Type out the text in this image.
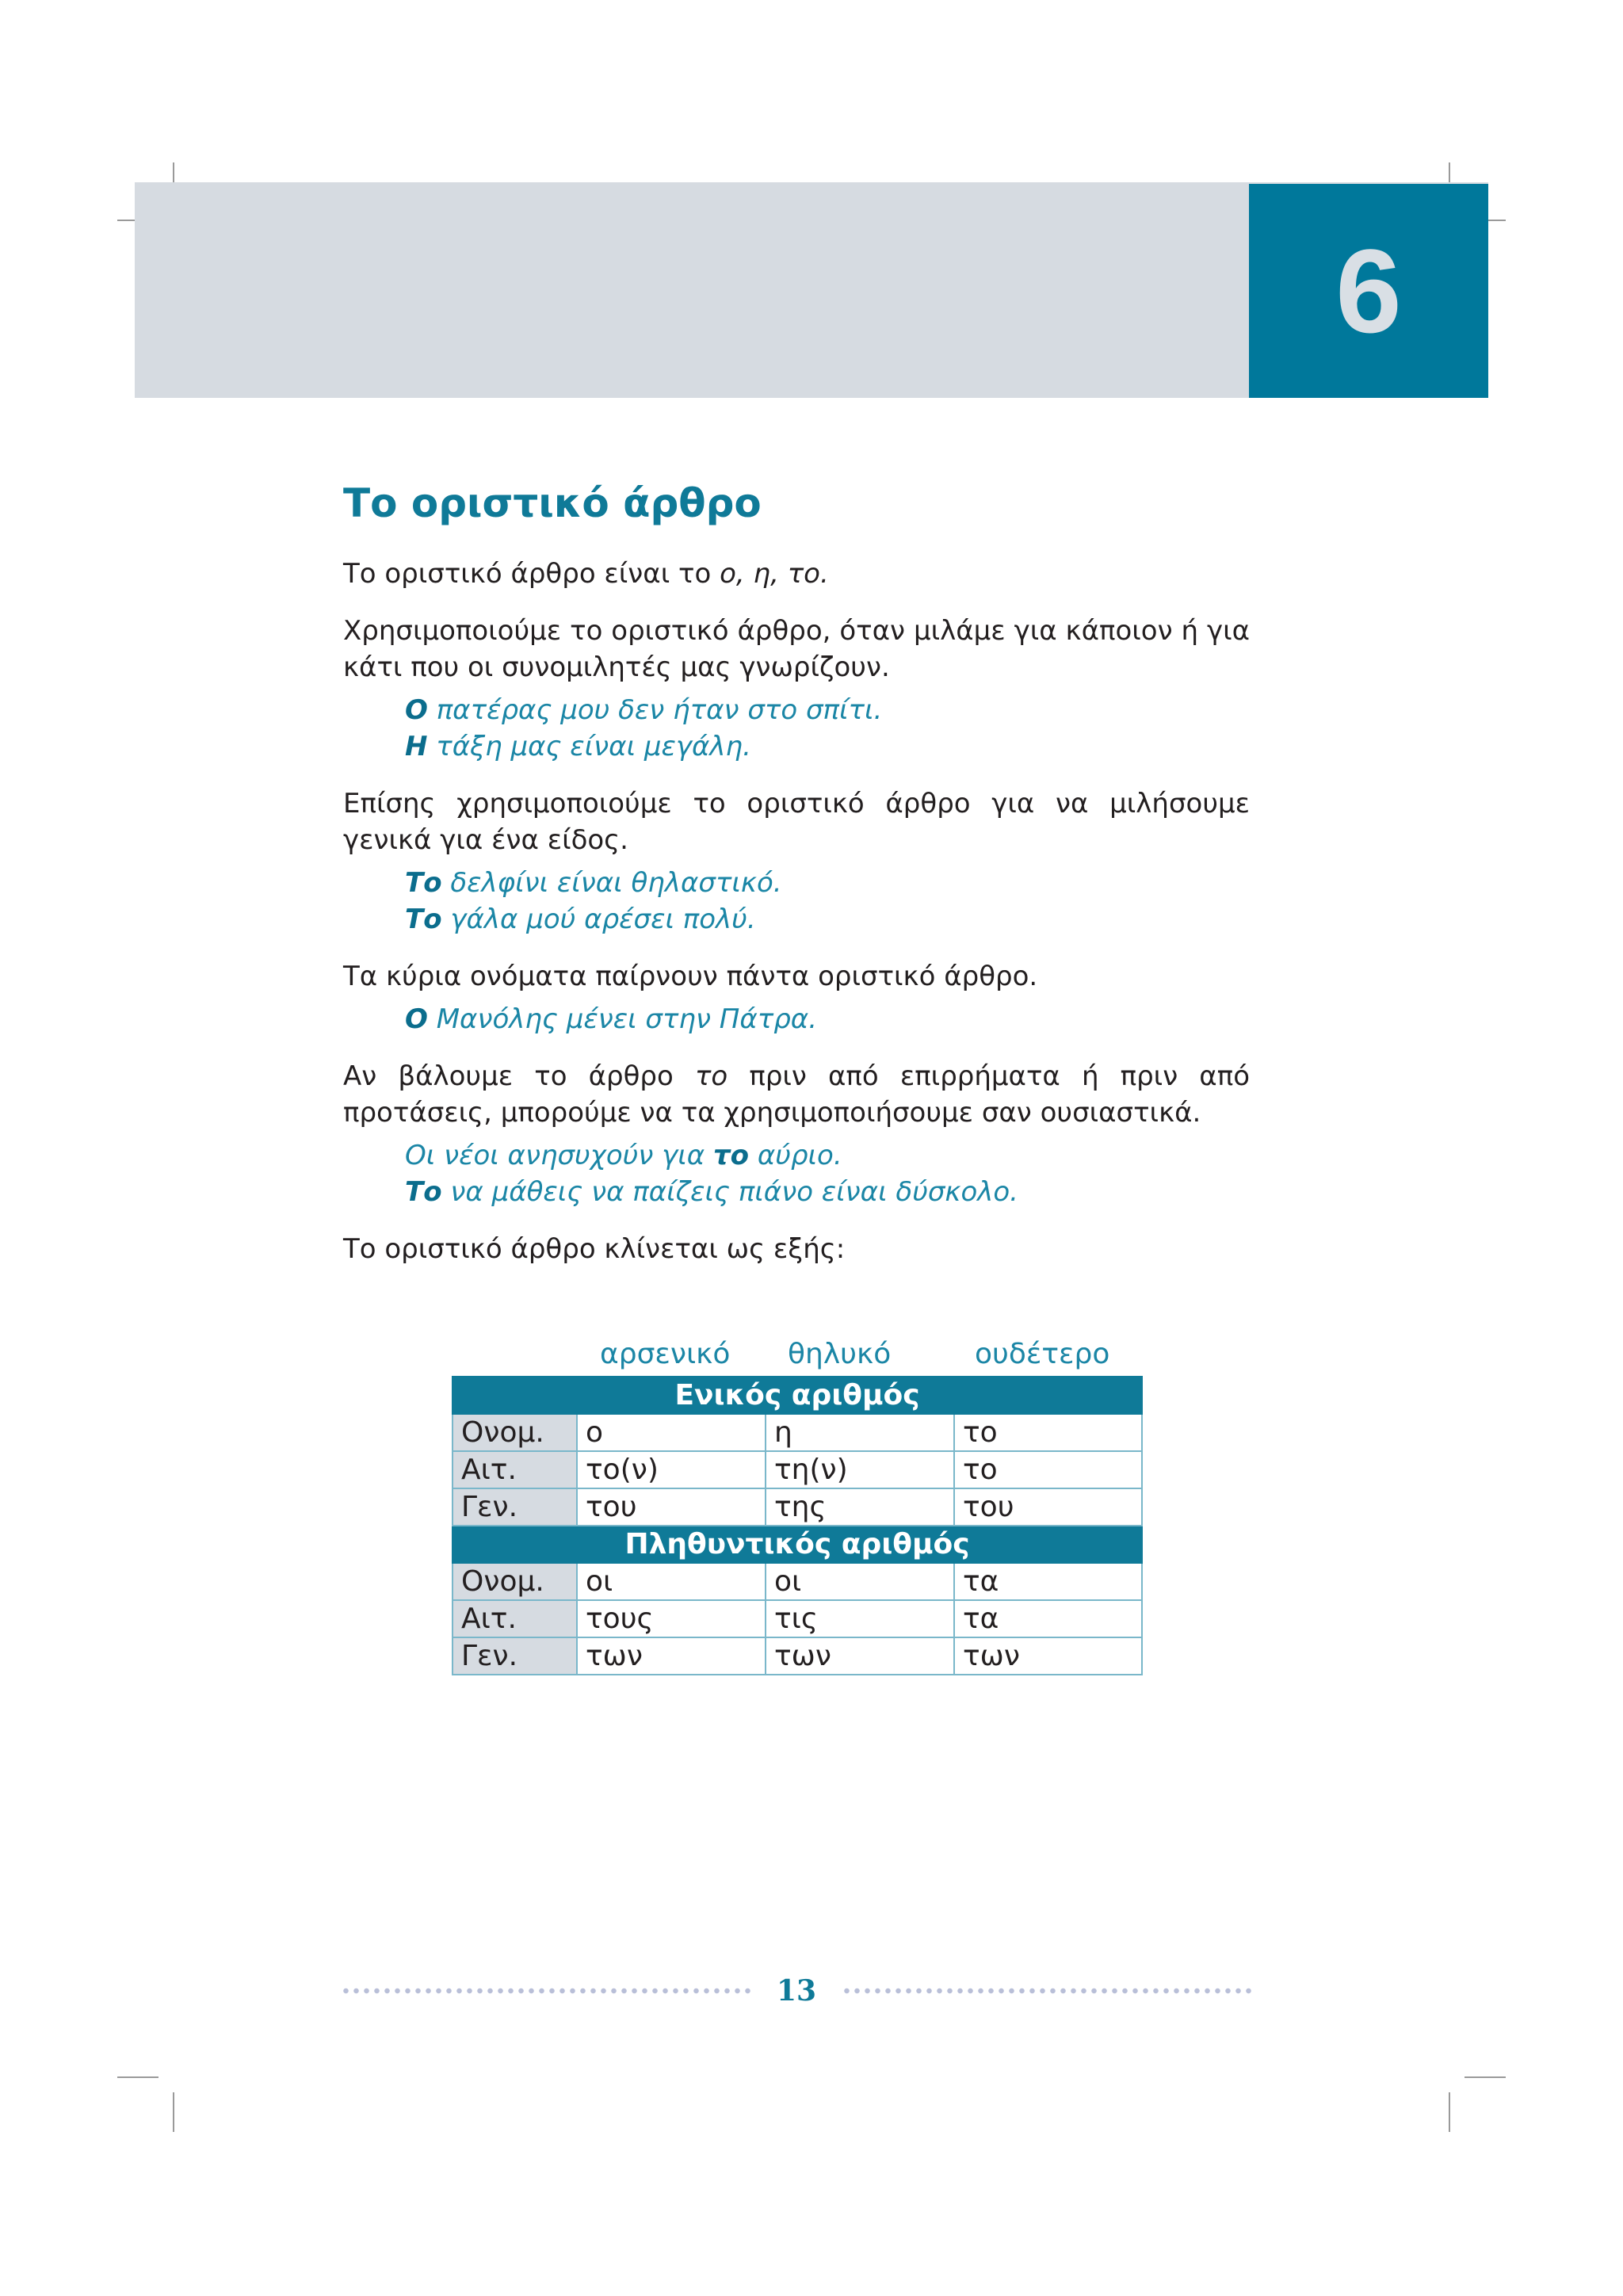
6
Το οριστικό άρθρο

Το οριστικό άρθρο είναι το ο, η, το.

Χρησιμοποιούμε το οριστικό άρθρο, όταν μιλάμε για κάποιον ή για κάτι που οι συνομιλητές μας γνωρίζουν.

Ο πατέρας μου δεν ήταν στο σπίτι.

Η τάξη μας είναι μεγάλη.

Επίσης χρησιμοποιούμε το οριστικό άρθρο για να μιλήσουμε γενικά για ένα είδος.

Το δελφίνι είναι θηλαστικό.

Το γάλα μού αρέσει πολύ.

Τα κύρια ονόματα παίρνουν πάντα οριστικό άρθρο.

Ο Μανόλης μένει στην Πάτρα.

Αν βάλουμε το άρθρο το πριν από επιρρήματα ή πριν από προτάσεις, μπορούμε να τα χρησιμοποιήσουμε σαν ουσιαστικά.

Οι νέοι ανησυχούν για το αύριο.

Το να μάθεις να παίζεις πιάνο είναι δύσκολο.

Το οριστικό άρθρο κλίνεται ως εξής:

αρσενικό	θηλυκό	ουδέτερο
Ενικός αριθμός			
Ονομ.	ο	η	το
Αιτ.	το(ν)	τη(ν)	το
Γεν.	του	της	του
Πληθυντικός αριθμός			
Ονομ.	οι	οι	τα
Αιτ.	τους	τις	τα
Γεν.	των	των	των
13
